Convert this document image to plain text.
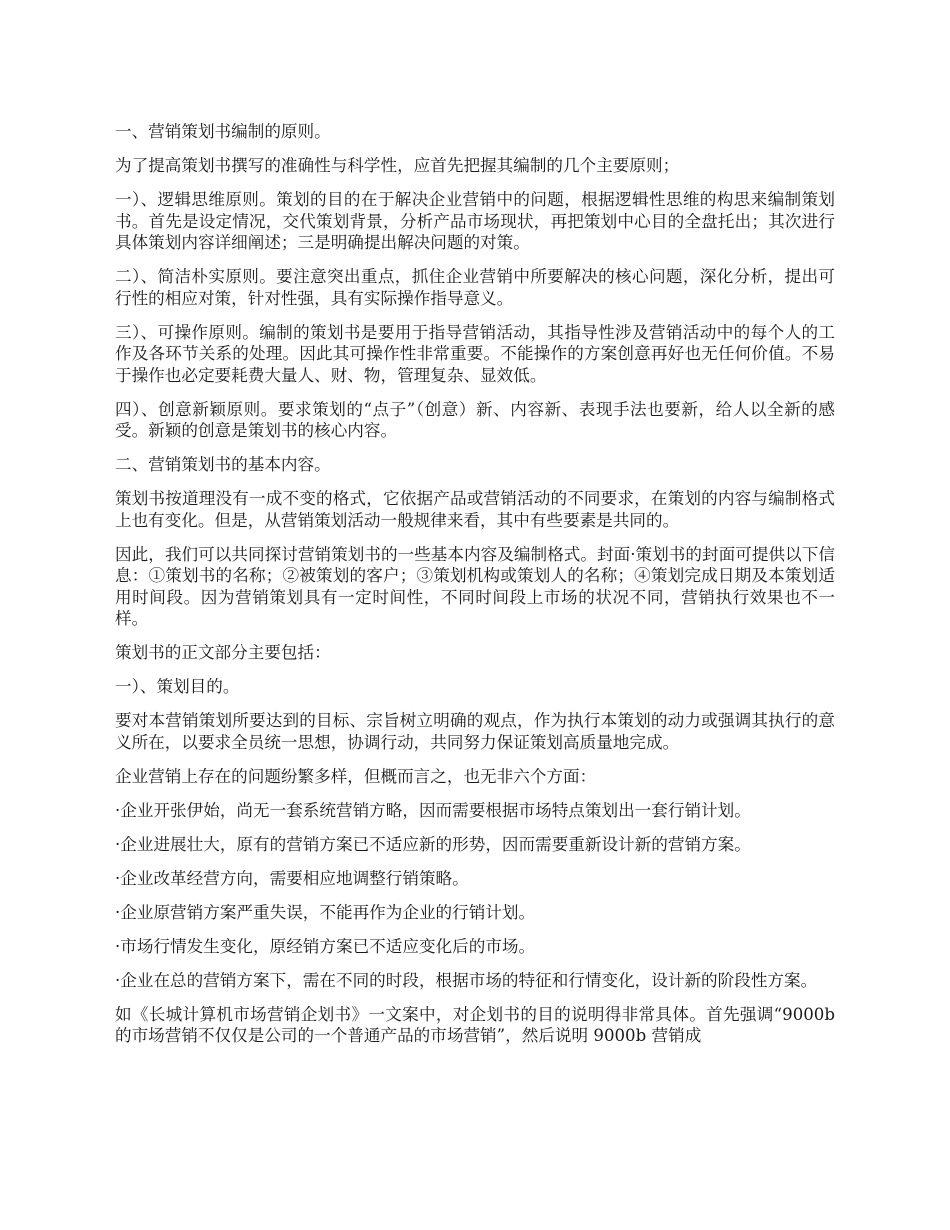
一、营销策划书编制的原则。

为了提高策划书撰写的准确性与科学性，应首先把握其编制的几个主要原则；

一）、逻辑思维原则。策划的目的在于解决企业营销中的问题，根据逻辑性思维的构思来编制策划书。首先是设定情况，交代策划背景，分析产品市场现状，再把策划中心目的全盘托出；其次进行具体策划内容详细阐述；三是明确提出解决问题的对策。

二）、简洁朴实原则。要注意突出重点，抓住企业营销中所要解决的核心问题，深化分析，提出可行性的相应对策，针对性强，具有实际操作指导意义。

三）、可操作原则。编制的策划书是要用于指导营销活动，其指导性涉及营销活动中的每个人的工作及各环节关系的处理。因此其可操作性非常重要。不能操作的方案创意再好也无任何价值。不易于操作也必定要耗费大量人、财、物，管理复杂、显效低。

四）、创意新颖原则。要求策划的“点子”（创意）新、内容新、表现手法也要新，给人以全新的感受。新颖的创意是策划书的核心内容。

二、营销策划书的基本内容。

策划书按道理没有一成不变的格式，它依据产品或营销活动的不同要求，在策划的内容与编制格式上也有变化。但是，从营销策划活动一般规律来看，其中有些要素是共同的。

因此，我们可以共同探讨营销策划书的一些基本内容及编制格式。封面·策划书的封面可提供以下信息：①策划书的名称；②被策划的客户；③策划机构或策划人的名称；④策划完成日期及本策划适用时间段。因为营销策划具有一定时间性，不同时间段上市场的状况不同，营销执行效果也不一样。

策划书的正文部分主要包括：

一）、策划目的。

要对本营销策划所要达到的目标、宗旨树立明确的观点，作为执行本策划的动力或强调其执行的意义所在，以要求全员统一思想，协调行动，共同努力保证策划高质量地完成。

企业营销上存在的问题纷繁多样，但概而言之，也无非六个方面：

·企业开张伊始，尚无一套系统营销方略，因而需要根据市场特点策划出一套行销计划。

·企业进展壮大，原有的营销方案已不适应新的形势，因而需要重新设计新的营销方案。

·企业改革经营方向，需要相应地调整行销策略。

·企业原营销方案严重失误，不能再作为企业的行销计划。

·市场行情发生变化，原经销方案已不适应变化后的市场。

·企业在总的营销方案下，需在不同的时段，根据市场的特征和行情变化，设计新的阶段性方案。

如《长城计算机市场营销企划书》一文案中，对企划书的目的说明得非常具体。首先强调“9000b 的市场营销不仅仅是公司的一个普通产品的市场营销”，然后说明 9000b 营销成
